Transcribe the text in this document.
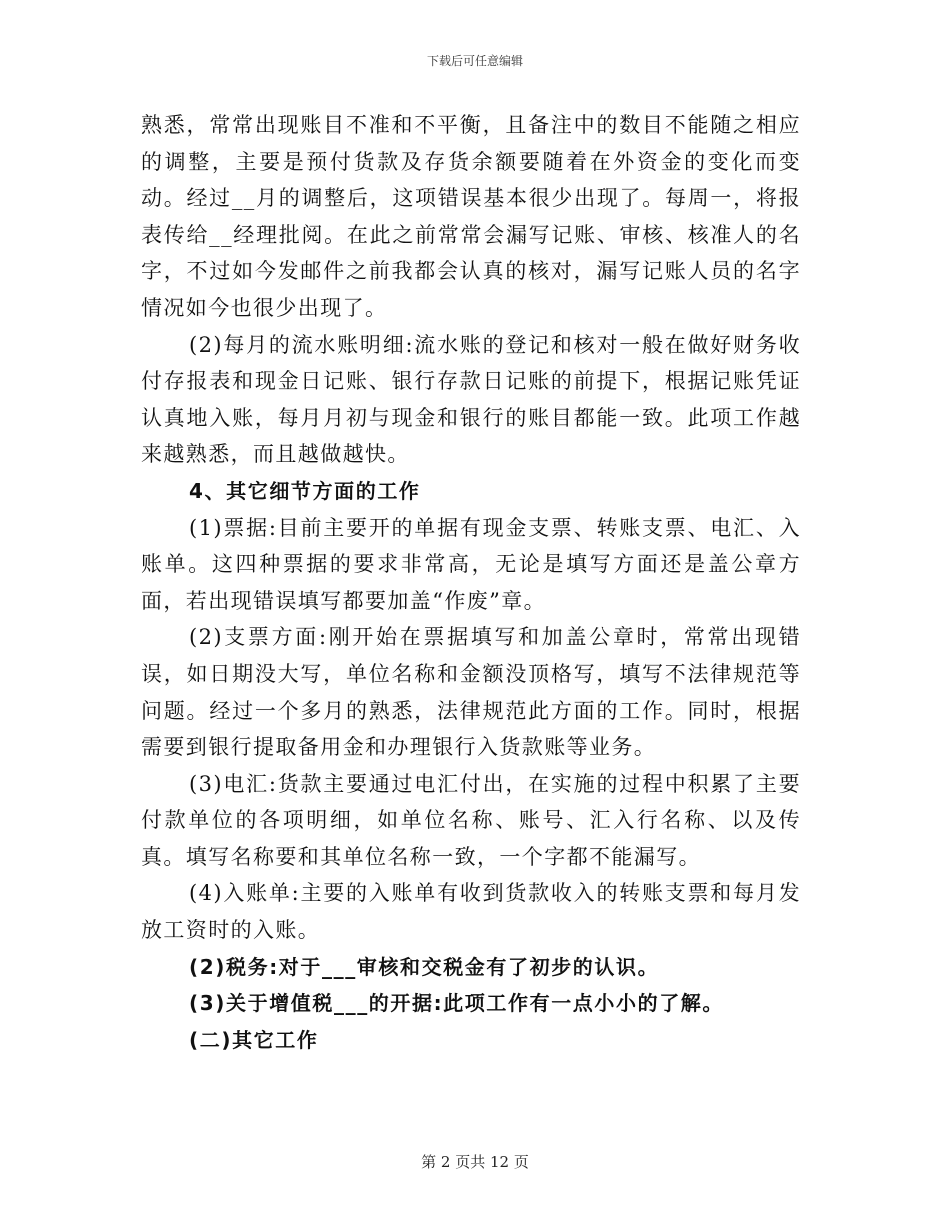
下载后可任意编辑

熟悉，常常出现账目不准和不平衡，且备注中的数目不能随之相应的调整，主要是预付货款及存货余额要随着在外资金的变化而变动。经过__月的调整后，这项错误基本很少出现了。每周一，将报表传给__经理批阅。在此之前常常会漏写记账、审核、核准人的名字，不过如今发邮件之前我都会认真的核对，漏写记账人员的名字情况如今也很少出现了。

(2)每月的流水账明细:流水账的登记和核对一般在做好财务收付存报表和现金日记账、银行存款日记账的前提下，根据记账凭证认真地入账，每月月初与现金和银行的账目都能一致。此项工作越来越熟悉，而且越做越快。

4、其它细节方面的工作

(1)票据:目前主要开的单据有现金支票、转账支票、电汇、入账单。这四种票据的要求非常高，无论是填写方面还是盖公章方面，若出现错误填写都要加盖“作废”章。

(2)支票方面:刚开始在票据填写和加盖公章时，常常出现错误，如日期没大写，单位名称和金额没顶格写，填写不法律规范等问题。经过一个多月的熟悉，法律规范此方面的工作。同时，根据需要到银行提取备用金和办理银行入货款账等业务。

(3)电汇:货款主要通过电汇付出，在实施的过程中积累了主要付款单位的各项明细，如单位名称、账号、汇入行名称、以及传真。填写名称要和其单位名称一致，一个字都不能漏写。

(4)入账单:主要的入账单有收到货款收入的转账支票和每月发放工资时的入账。

(2)税务:对于___审核和交税金有了初步的认识。

(3)关于增值税___的开据:此项工作有一点小小的了解。

(二)其它工作

第 2 页共 12 页
